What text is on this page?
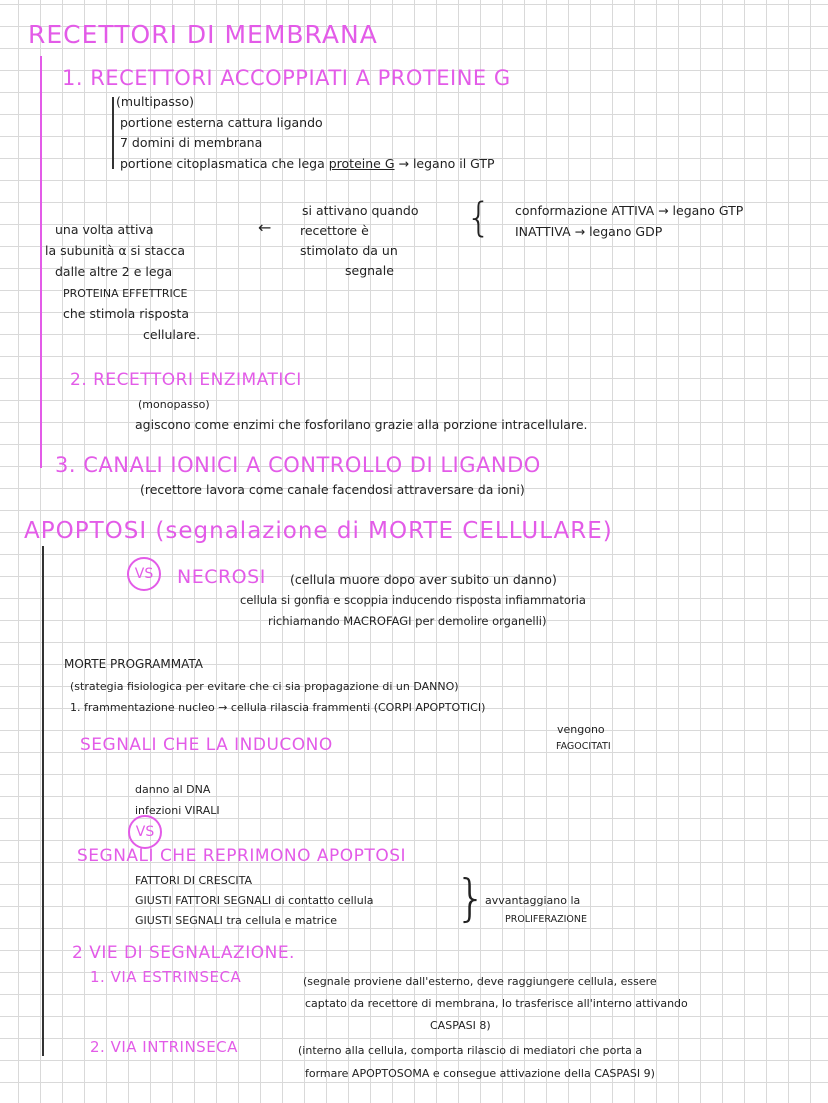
RECETTORI DI MEMBRANA
1. RECETTORI ACCOPPIATI A PROTEINE G
(multipasso)
portione esterna cattura ligando
7 domini di membrana
portione citoplasmatica che lega proteine G → legano il GTP
si attivano quando
recettore è
stimolato da un
segnale
←	{ conformazione ATTIVA → legano GTP
INATTIVA → legano GDP
una volta attiva
la subunità α si stacca
dalle altre 2 e lega
PROTEINA EFFETTRICE
che stimola risposta
cellulare.
2. RECETTORI ENZIMATICI
(monopasso)
agiscono come enzimi che fosforilano grazie alla porzione intracellulare.
3. CANALI IONICI A CONTROLLO DI LIGANDO
(recettore lavora come canale facendosi attraversare da ioni)
APOPTOSI (segnalazione di MORTE CELLULARE)
VS	NECROSI (cellula muore dopo aver subito un danno)
cellula si gonfia e scoppia inducendo risposta infiammatoria
richiamando MACROFAGI per demolire organelli)
MORTE PROGRAMMATA
(strategia fisiologica per evitare che ci sia propagazione di un DANNO)
1. frammentazione nucleo → cellula rilascia frammenti (CORPI APOPTOTICI)
vengono
FAGOCITATI
SEGNALI CHE LA INDUCONO
danno al DNA
infezioni VIRALI
VS
SEGNALI CHE REPRIMONO APOPTOSI
FATTORI DI CRESCITA
GIUSTI FATTORI SEGNALI di contatto cellula
GIUSTI SEGNALI tra cellula e matrice }
avvantaggiano la
PROLIFERAZIONE
2 VIE DI SEGNALAZIONE.
1. VIA ESTRINSECA	(segnale proviene dall'esterno, deve raggiungere cellula, essere
captato da recettore di membrana, lo trasferisce all'interno attivando
CASPASI 8)
2. VIA INTRINSECA	(interno alla cellula, comporta rilascio di mediatori che porta a
formare APOPTOSOMA e consegue attivazione della CASPASI 9)
